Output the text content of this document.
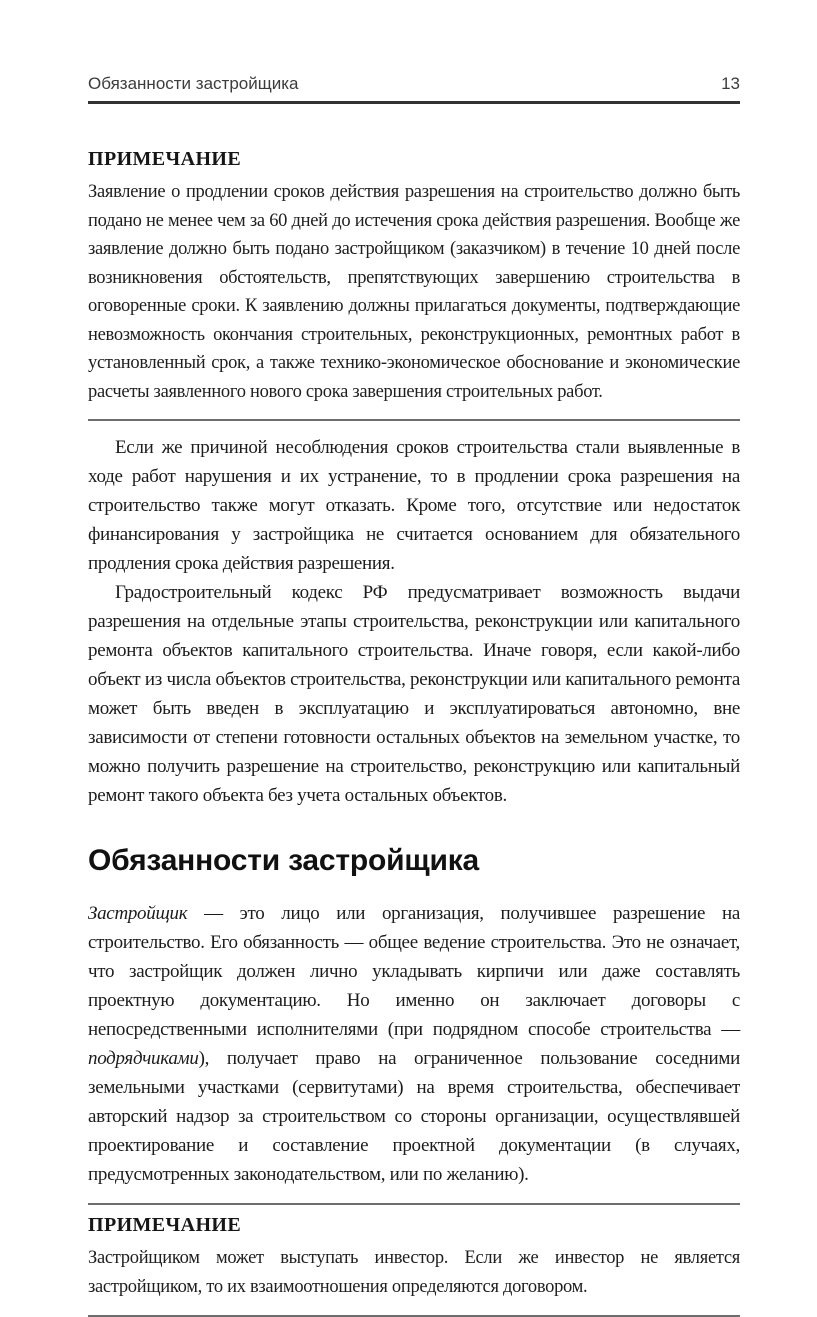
Обязанности застройщика	13
ПРИМЕЧАНИЕ

Заявление о продлении сроков действия разрешения на строительство должно быть подано не менее чем за 60 дней до истечения срока действия разрешения. Вообще же заявление должно быть подано застройщиком (заказчиком) в течение 10 дней после возникновения обстоятельств, препятствующих завершению строительства в оговоренные сроки. К заявлению должны прилагаться документы, подтверждающие невозможность окончания строительных, реконструкционных, ремонтных работ в установленный срок, а также технико-экономическое обоснование и экономические расчеты заявленного нового срока завершения строительных работ.

Если же причиной несоблюдения сроков строительства стали выявленные в ходе работ нарушения и их устранение, то в продлении срока разрешения на строительство также могут отказать. Кроме того, отсутствие или недостаток финансирования у застройщика не считается основанием для обязательного продления срока действия разрешения.

Градостроительный кодекс РФ предусматривает возможность выдачи разрешения на отдельные этапы строительства, реконструкции или капитального ремонта объектов капитального строительства. Иначе говоря, если какой-либо объект из числа объектов строительства, реконструкции или капитального ремонта может быть введен в эксплуатацию и эксплуатироваться автономно, вне зависимости от степени готовности остальных объектов на земельном участке, то можно получить разрешение на строительство, реконструкцию или капитальный ремонт такого объекта без учета остальных объектов.

Обязанности застройщика

Застройщик — это лицо или организация, получившее разрешение на строительство. Его обязанность — общее ведение строительства. Это не означает, что застройщик должен лично укладывать кирпичи или даже составлять проектную документацию. Но именно он заключает договоры с непосредственными исполнителями (при подрядном способе строительства — подрядчиками), получает право на ограниченное пользование соседними земельными участками (сервитутами) на время строительства, обеспечивает авторский надзор за строительством со стороны организации, осуществлявшей проектирование и составление проектной документации (в случаях, предусмотренных законодательством, или по желанию).

ПРИМЕЧАНИЕ

Застройщиком может выступать инвестор. Если же инвестор не является застройщиком, то их взаимоотношения определяются договором.
